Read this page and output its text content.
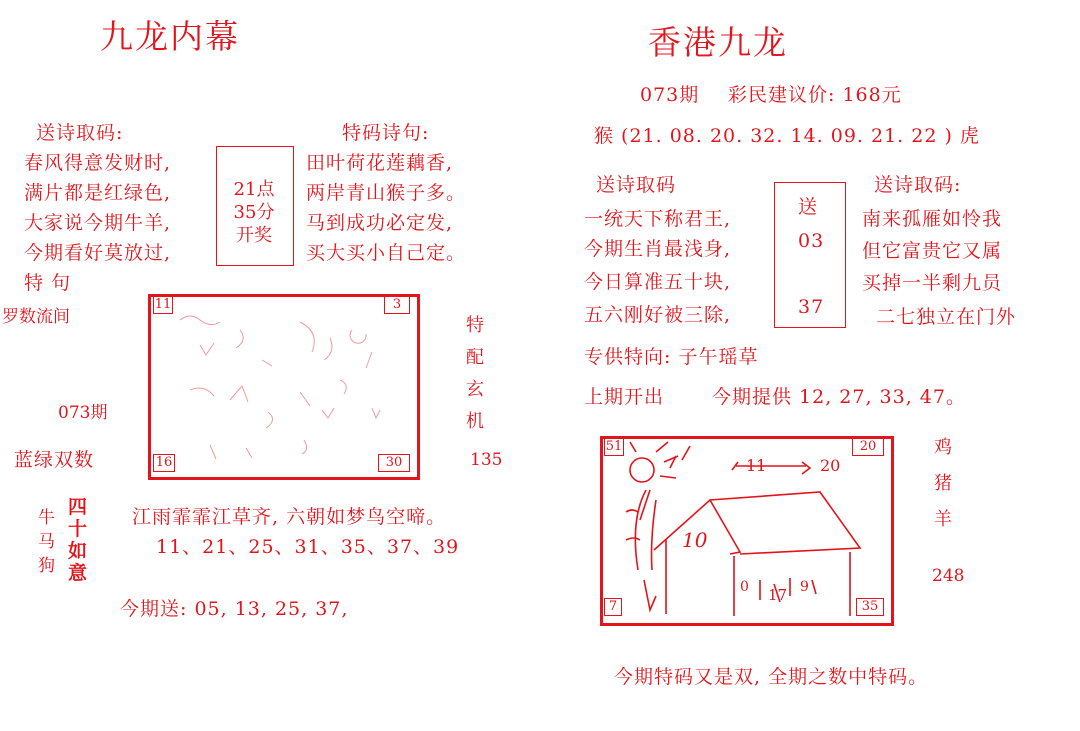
九龙内幕
送诗取码:
春风得意发财时,
满片都是红绿色,
大家说今期牛羊,
今期看好莫放过,
21点
35分
开奖
特码诗句:
田叶荷花莲藕香,
两岸青山猴子多。
马到成功必定发,
买大买小自己定。
特 句
罗数流间
073期
蓝绿双数
11	3
16	30
特
配
玄
机
135
牛
马
狗
四
十
如
意
江雨霏霏江草齐, 六朝如梦鸟空啼。
11、21、25、31、35、37、39
今期送: 05, 13, 25, 37,
香港九龙
073期 彩民建议价: 168元
猴 (21. 08. 20. 32. 14. 09. 21. 22 ) 虎
送诗取码
一统天下称君王,
今期生肖最浅身,
今日算准五十块,
五六刚好被三除,
送
03
37
送诗取码:
南来孤雁如怜我
但它富贵它又属
买掉一半剩九员
二七独立在门外
专供特向: 子午瑶草
上期开出	今期提供 12, 27, 33, 47。
51	20
7	35
11	20
10
0 17 9
鸡
猪
羊
248
今期特码又是双, 全期之数中特码。
